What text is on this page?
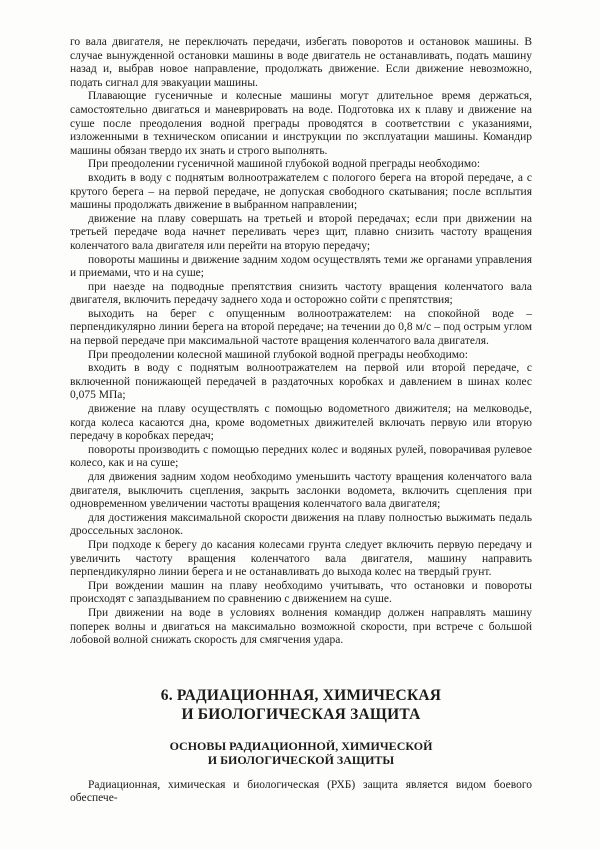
го вала двигателя, не переключать передачи, избегать поворотов и остановок машины. В случае вынужденной остановки машины в воде двигатель не останавливать, подать машину назад и, выбрав новое направление, продолжать движение. Если движение невозможно, подать сигнал для эвакуации машины.

Плавающие гусеничные и колесные машины могут длительное время держаться, самостоятельно двигаться и маневрировать на воде. Подготовка их к плаву и движение на суше после преодоления водной преграды проводятся в соответствии с указаниями, изложенными в техническом описании и инструкции по эксплуатации машины. Командир машины обязан твердо их знать и строго выполнять.

При преодолении гусеничной машиной глубокой водной преграды необходимо:

входить в воду с поднятым волноотражателем с пологого берега на второй передаче, а с крутого берега – на первой передаче, не допуская свободного скатывания; после всплытия машины продолжать движение в выбранном направлении;

движение на плаву совершать на третьей и второй передачах; если при движении на третьей передаче вода начнет переливать через щит, плавно снизить частоту вращения коленчатого вала двигателя или перейти на вторую передачу;

повороты машины и движение задним ходом осуществлять теми же органами управления и приемами, что и на суше;

при наезде на подводные препятствия снизить частоту вращения коленчатого вала двигателя, включить передачу заднего хода и осторожно сойти с препятствия;

выходить на берег с опущенным волноотражателем: на спокойной воде – перпендикулярно линии берега на второй передаче; на течении до 0,8 м/с – под острым углом на первой передаче при максимальной частоте вращения коленчатого вала двигателя.

При преодолении колесной машиной глубокой водной преграды необходимо:

входить в воду с поднятым волноотражателем на первой или второй передаче, с включенной понижающей передачей в раздаточных коробках и давлением в шинах колес 0,075 МПа;

движение на плаву осуществлять с помощью водометного движителя; на мелководье, когда колеса касаются дна, кроме водометных движителей включать первую или вторую передачу в коробках передач;

повороты производить с помощью передних колес и водяных рулей, поворачивая рулевое колесо, как и на суше;

для движения задним ходом необходимо уменьшить частоту вращения коленчатого вала двигателя, выключить сцепления, закрыть заслонки водомета, включить сцепления при одновременном увеличении частоты вращения коленчатого вала двигателя;

для достижения максимальной скорости движения на плаву полностью выжимать педаль дроссельных заслонок.

При подходе к берегу до касания колесами грунта следует включить первую передачу и увеличить частоту вращения коленчатого вала двигателя, машину направить перпендикулярно линии берега и не останавливать до выхода колес на твердый грунт.

При вождении машин на плаву необходимо учитывать, что остановки и повороты происходят с запаздыванием по сравнению с движением на суше.

При движении на воде в условиях волнения командир должен направлять машину поперек волны и двигаться на максимально возможной скорости, при встрече с большой лобовой волной снижать скорость для смягчения удара.

6. РАДИАЦИОННАЯ, ХИМИЧЕСКАЯ
И БИОЛОГИЧЕСКАЯ ЗАЩИТА
ОСНОВЫ РАДИАЦИОННОЙ, ХИМИЧЕСКОЙ
И БИОЛОГИЧЕСКОЙ ЗАЩИТЫ

Радиационная, химическая и биологическая (РХБ) защита является видом боевого обеспече-
